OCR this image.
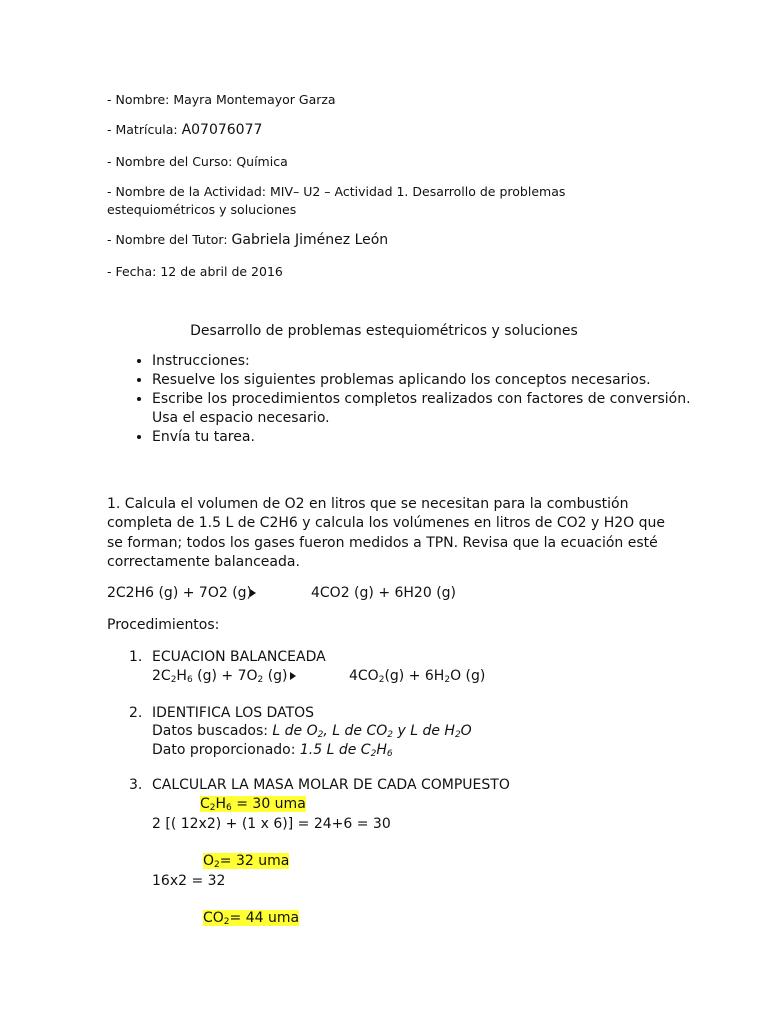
- Nombre: Mayra Montemayor Garza
- Matrícula: A07076077
- Nombre del Curso: Química
- Nombre de la Actividad: MIV– U2 – Actividad 1. Desarrollo de problemas
estequiométricos y soluciones
- Nombre del Tutor: Gabriela Jiménez León
- Fecha: 12 de abril de 2016
Desarrollo de problemas estequiométricos y soluciones
• Instrucciones:
• Resuelve los siguientes problemas aplicando los conceptos necesarios.
• Escribe los procedimientos completos realizados con factores de conversión. Usa el espacio necesario.
• Envía tu tarea.
1. Calcula el volumen de O2 en litros que se necesitan para la combustión completa de 1.5 L de C2H6 y calcula los volúmenes en litros de CO2 y H2O que se forman; todos los gases fueron medidos a TPN. Revisa que la ecuación esté correctamente balanceada.
2C2H6 (g) + 7O2 (g)	4CO2 (g) + 6H20 (g)
Procedimientos:
1. ECUACION BALANCEADA
$2C_2H_6$ $(g) + 7O_2$ (g)	$4CO_2(g) + 6H_2O$ (g)
2. IDENTIFICA LOS DATOS
Datos buscados: L de $O_2$, L de $CO_2$ y L de $H_2O$
Dato proporcionado: 1.5 L de $C_2H_6$
3. CALCULAR LA MASA MOLAR DE CADA COMPUESTO
$C_2H_6 = 30$ uma
2 [( 12x2) + (1 x 6)] = 24+6 = 30
$O_2= 32$ uma
16x2 = 32
$CO_2= 44$ uma
